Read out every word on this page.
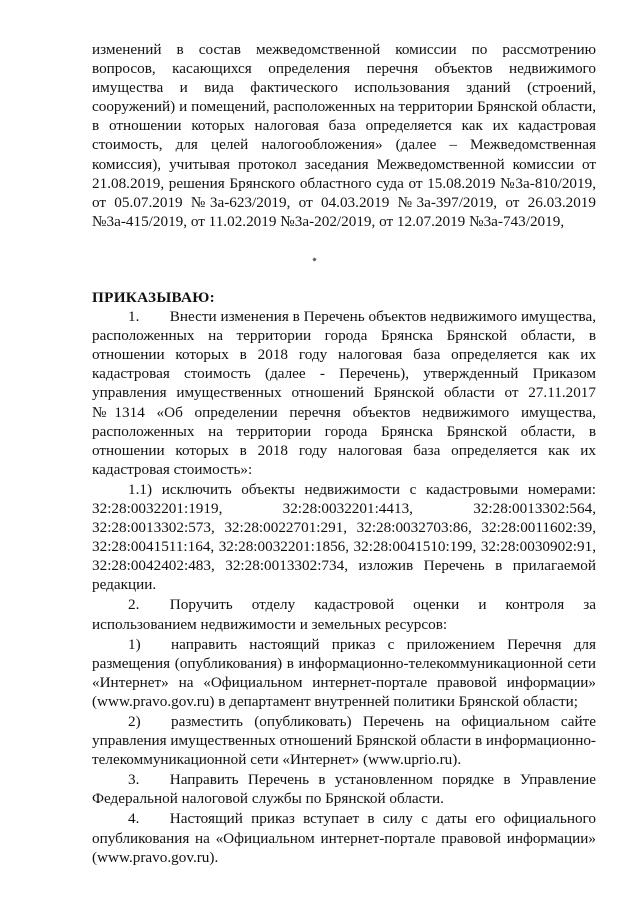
изменений в состав межведомственной комиссии по рассмотрению вопросов, касающихся определения перечня объектов недвижимого имущества и вида фактического использования зданий (строений, сооружений) и помещений, расположенных на территории Брянской области, в отношении которых налоговая база определяется как их кадастровая стоимость, для целей налогообложения» (далее – Межведомственная комиссия), учитывая протокол заседания Межведомственной комиссии от 21.08.2019, решения Брянского областного суда от 15.08.2019 №3а-810/2019, от 05.07.2019 №3а-623/2019, от 04.03.2019 №3а-397/2019, от 26.03.2019 №3а-415/2019, от 11.02.2019 №3а-202/2019, от 12.07.2019 №3а-743/2019,

ПРИКАЗЫВАЮ:

1.  Внести изменения в Перечень объектов недвижимого имущества, расположенных на территории города Брянска Брянской области, в отношении которых в 2018 году налоговая база определяется как их кадастровая стоимость (далее - Перечень), утвержденный Приказом управления имущественных отношений Брянской области от 27.11.2017 №1314 «Об определении перечня объектов недвижимого имущества, расположенных на территории города Брянска Брянской области, в отношении которых в 2018 году налоговая база определяется как их кадастровая стоимость»:

1.1) исключить объекты недвижимости с кадастровыми номерами: 32:28:0032201:1919, 32:28:0032201:4413, 32:28:0013302:564, 32:28:0013302:573, 32:28:0022701:291, 32:28:0032703:86, 32:28:0011602:39, 32:28:0041511:164, 32:28:0032201:1856, 32:28:0041510:199, 32:28:0030902:91, 32:28:0042402:483, 32:28:0013302:734, изложив Перечень в прилагаемой редакции.

2.  Поручить отделу кадастровой оценки и контроля за использованием недвижимости и земельных ресурсов:

1)  направить настоящий приказ с приложением Перечня для размещения (опубликования) в информационно-телекоммуникационной сети «Интернет» на «Официальном интернет-портале правовой информации» (www.pravo.gov.ru) в департамент внутренней политики Брянской области;

2)  разместить (опубликовать) Перечень на официальном сайте управления имущественных отношений Брянской области в информационно-телекоммуникационной сети «Интернет» (www.uprio.ru).

3.  Направить Перечень в установленном порядке в Управление Федеральной налоговой службы по Брянской области.

4.  Настоящий приказ вступает в силу с даты его официального опубликования на «Официальном интернет-портале правовой информации» (www.pravo.gov.ru).
